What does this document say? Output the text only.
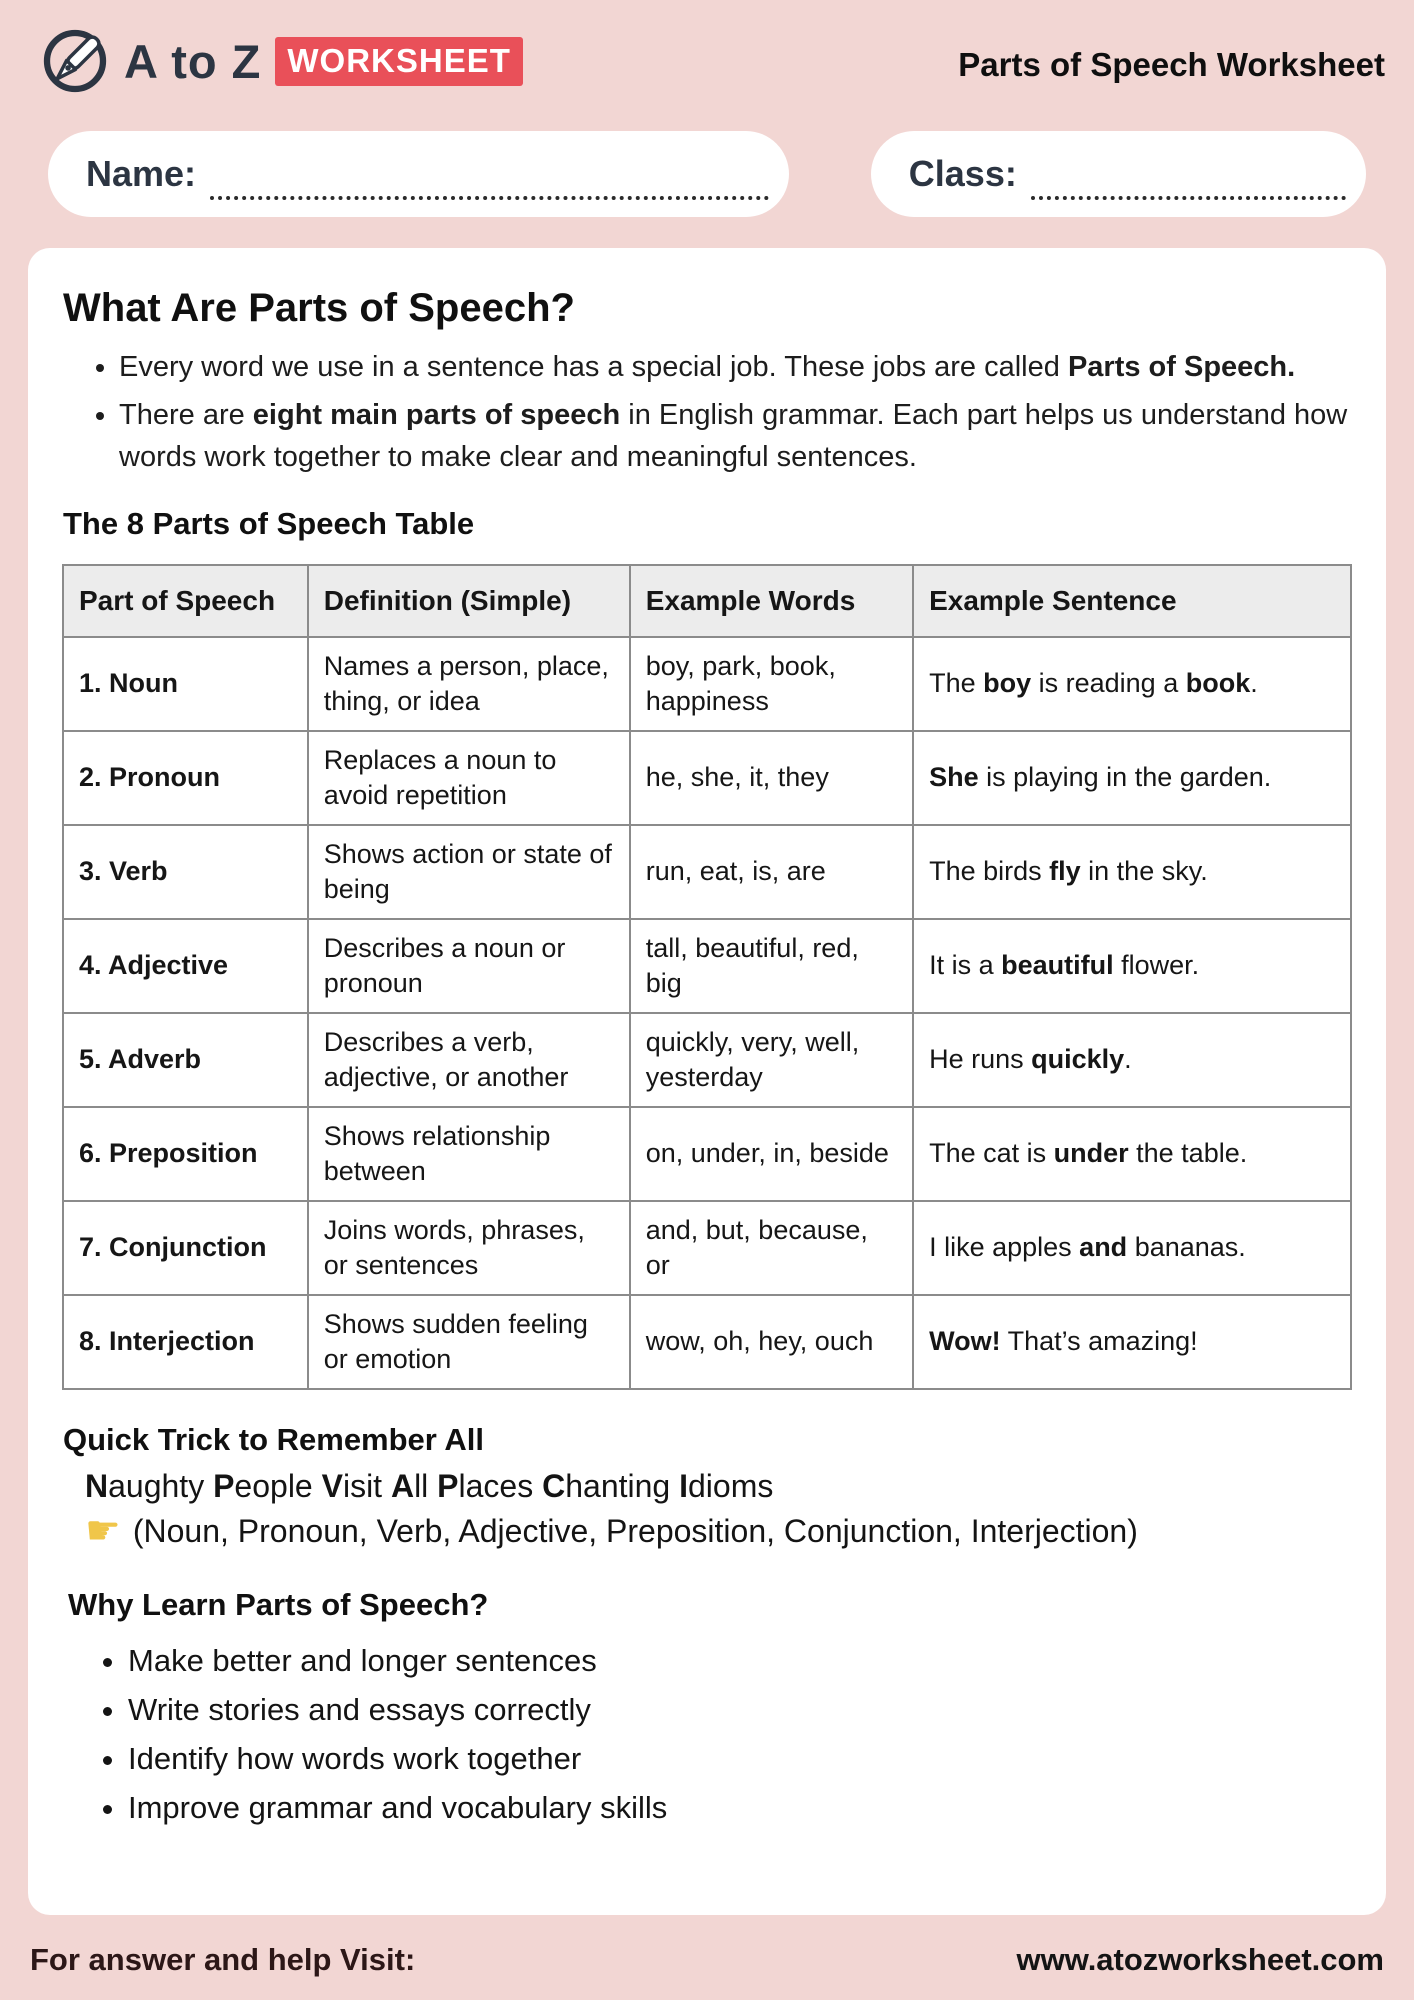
A to Z WORKSHEET	Parts of Speech Worksheet
Name:	Class:
What Are Parts of Speech?
• Every word we use in a sentence has a special job. These jobs are called Parts of Speech.
• There are eight main parts of speech in English grammar. Each part helps us understand how words work together to make clear and meaningful sentences.
The 8 Parts of Speech Table
Part of Speech	Definition (Simple)	Example Words	Example Sentence
1. Noun	Names a person, place, thing, or idea	boy, park, book, happiness	The boy is reading a book.
2. Pronoun	Replaces a noun to avoid repetition	he, she, it, they	She is playing in the garden.
3. Verb	Shows action or state of being	run, eat, is, are	The birds fly in the sky.
4. Adjective	Describes a noun or pronoun	tall, beautiful, red, big	It is a beautiful flower.
5. Adverb	Describes a verb, adjective, or another	quickly, very, well, yesterday	He runs quickly.
6. Preposition	Shows relationship between	on, under, in, beside	The cat is under the table.
7. Conjunction	Joins words, phrases, or sentences	and, but, because, or	I like apples and bananas.
8. Interjection	Shows sudden feeling or emotion	wow, oh, hey, ouch	Wow! That’s amazing!
Quick Trick to Remember All
Naughty People Visit All Places Chanting Idioms
☛ (Noun, Pronoun, Verb, Adjective, Preposition, Conjunction, Interjection)
Why Learn Parts of Speech?
• Make better and longer sentences
• Write stories and essays correctly
• Identify how words work together
• Improve grammar and vocabulary skills
For answer and help Visit:	www.atozworksheet.com
